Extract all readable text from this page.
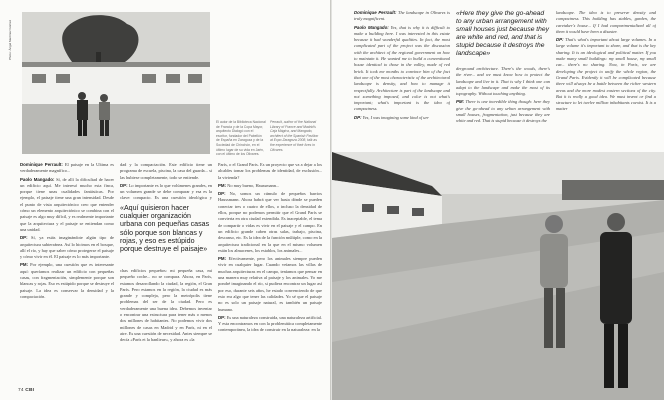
Photo: Ángel Martínez Gómez

El autor de la Biblioteca Nacional de Francia y de la Copa Mayor, arquitecto Dialogó con el escritor, fundador del Pabellón de España en Zaragoza y de la Sociedad de Chinchón, en el último lugar de su vida en Jaén, con el último de los Olivares.

Perrault, author of the National Library of France and Madrid's Caja Mágica, and Mangado, architect of the Spanish Pavilion at Expo Zaragoza 2008, talk as the experience of their lives in Olivares.

Dominique Perrault: El paisaje en la Ultima es verdaderamente magnífico...

Paolo Mangado: Sí, de allí la dificultad de hacer un edificio aquí. Me interesó mucho esta finca, porque tiene unas cualidades fantásticas. Por ejemplo, el paisaje tiene una gran intensidad. Desde el punto de vista arquitectónico creo que entender cómo un elemento arquitectónico se combina con el paisaje es algo muy difícil, y es realmente importante que la arquitectura y el paisaje se entiendan como una unidad.

DP: Sí, ya estás imaginándote algún tipo de arquitectura subterránea. Así lo hicimos en el bosque, allí el río, y hay que saber cómo protegerse el paisaje y cómo vivir en él. El paisaje es lo más importante.

PM: Por ejemplo, una cuestión que es interesante aquí: queríamos realizar un edificio con pequeñas casas, con fragmentación, simplemente porque son blancas y rojas. Eso es estúpido porque se destruye el paisaje. La idea es conservar la densidad y la compactación.

dad y la compactación. Este edificio tiene un programa de escuela, piscina, la casa del guarda... si las hubiese completamente, todo se entiende.

DP: Lo importante es lo que volúmenes grandes, en un volumen grande se debe comparar y esa es la clave: compacto. Es una cuestión ideológica y

«Aquí quisieron hacer cualquier organización urbana con pequeñas casas sólo porque son blancas y rojas, y eso es estúpido porque destruye el paisaje»

chas edificios pequeños: mi pequeña casa, mi pequeño coche... no se compara. Ahora, en París, estamos desarrollando la ciudad, la región, el Gran París. Pero estamos en la región, la ciudad es más grande y compleja, pero la metrópolis tiene problemas del ser de la ciudad. Pero es verdaderamente una buena idea. Debemos inventar o encontrar una estructura para tener más o menos dos millones de habitantes. No podemos vivir dos millones de casas en Madrid y en París, ni en el aire. Es una cuestión de necesidad. Antes siempre se decía «París et la banlieue», y ahora es «la

París, o el Grand Paris. Es un proyecto que va a dejar a los alcaldes tomar los problemas de identidad, de exclusión... la vivienda?

PM: No muy bueno, Haussmann...

DP: No, somos un cúmulo de pequeños barrios Haussmann. Ahora habrá que ver hasta dónde se pueden conectar tres o cuatro de ellos, o incluso la densidad de ellos, porque no podemos permitir que el Grand París se convierta en otra ciudad extendida. Es inaceptable, el tema de compartir o vidas es vivir en el paisaje y el campo. En un edificio grande caben otras salas, trabajo, piscina, descanso, etc. Es la idea de la función múltiple, como en la arquitectura tradicional en la que en el mismo volumen están los almacenes, los establos, los animales...

PM: Efectivamente, pero los animales siempre pueden vivir en cualquier lugar. Cuando veíamos las villas de muchas arquitecturas en el campo, teníamos que pensar en una manera muy relativa al paisaje y los animales. Yo me pondré imaginando el río, si pudiera encontrar un lugar así por eso, durante seis años, he estado convenciendo de que esto era algo que tener las calidades. Yo sé que el paisaje no es solo un paisaje natural, es también un paisaje humano.

DP: Es una naturaleza construida, una naturaleza artificial. Y esta encontramos en con la problemática completamente contemporánea, la idea de construir en la naturaleza: en la

74 CBI

Dominique Perrault: The landscape in Olivares is truly magnificent.

Paolo Mangado: Yes, that is why it is difficult to make a building here. I was interested in this estate because it had wonderful qualities. In fact, the most complicated part of the project was the discussion with the architect of the regional government on how to maintain it. He wanted me to build a conventional house identical to those in the valley, made of red brick. It took me months to convince him of the fact that one of the most characteristic of the architectural landscape is density, and how to manage it respectfully. Architecture is part of the landscape and not something imposed, and color is not what's important; what's important is the idea of compactness.

DP: Yes, I was imagining some kind of un-

«Here they give the go-ahead to any urban arrangement with small houses just because they are white and red, and that is stupid because it destroys the landscape»

derground architecture. There's the woods, there's the river... and we must know how to protect the landscape and live in it. That is why I think one can adapt to the landscape and make the most of its topography. Without touching anything.

PM: There is one incredible thing though: here they give the go-ahead to any urban arrangement with small houses, fragmentation, just because they are white and red. That is stupid because it destroys the

landscape. The idea is to preserve density and compactness. This building has stables, garden, the caretaker's house... If I had compartmentalized all of them it would have been a disaster.

DP: That's what's important about large volumes. In a large volume it's important to share, and that is the key sharing. It is an ideological and political matter. If you make many small buildings: my small house, my small car... there's no sharing. Now, in Paris, we are developing the project to unify the whole region, the Grand Paris. Evidently it will be complicated because there will always be a battle between the richer western areas and the more modest eastern sections of the city. But it is really a good idea. We must invent or find a structure to let twelve million inhabitants coexist. It is a matter
